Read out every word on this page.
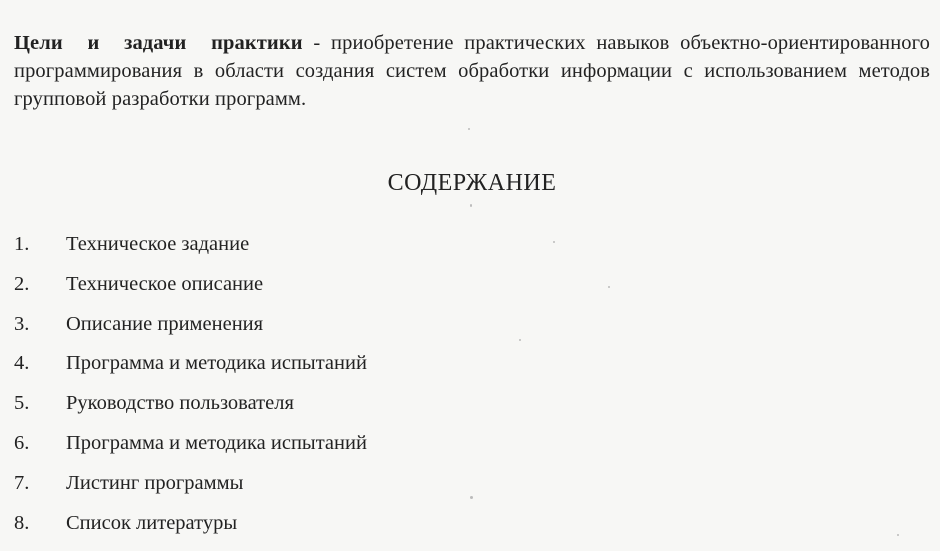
Цели и задачи практики - приобретение практических навыков объектно-ориентированного программирования в области создания систем обработки информации с использованием методов групповой разработки программ.

СОДЕРЖАНИЕ
1.	Техническое задание
2.	Техническое описание
3.	Описание применения
4.	Программа и методика испытаний
5.	Руководство пользователя
6.	Программа и методика испытаний
7.	Листинг программы
8.	Список литературы
